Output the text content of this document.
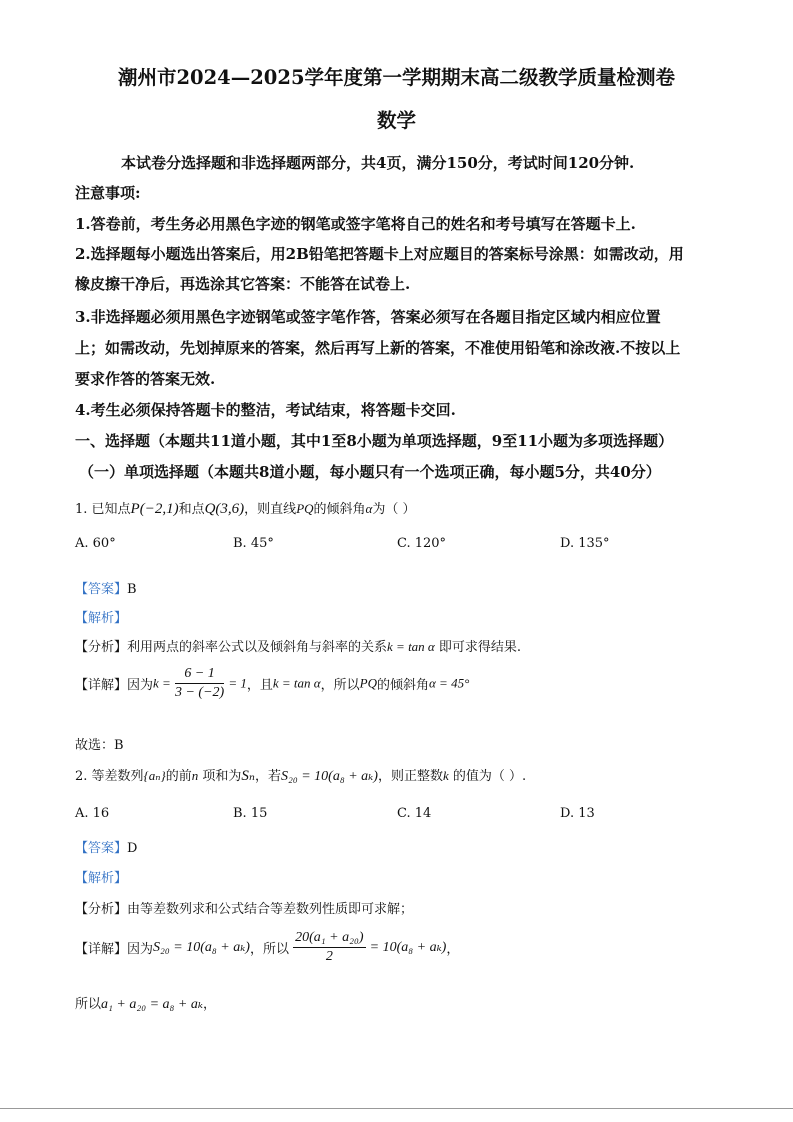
潮州市2024—2025学年度第一学期期末高二级教学质量检测卷
数学
本试卷分选择题和非选择题两部分，共4页，满分150分，考试时间120分钟.
注意事项:
1.答卷前，考生务必用黑色字迹的钢笔或签字笔将自己的姓名和考号填写在答题卡上.
2.选择题每小题选出答案后，用2B铅笔把答题卡上对应题目的答案标号涂黑：如需改动，用
橡皮擦干净后，再选涂其它答案：不能答在试卷上.
3.非选择题必须用黑色字迹钢笔或签字笔作答，答案必须写在各题目指定区域内相应位置
上；如需改动，先划掉原来的答案，然后再写上新的答案，不准使用铅笔和涂改液.不按以上
要求作答的答案无效.
4.考生必须保持答题卡的整洁，考试结束，将答题卡交回.
一、选择题（本题共11道小题，其中1至8小题为单项选择题，9至11小题为多项选择题）
（一）单项选择题（本题共8道小题，每小题只有一个选项正确，每小题5分，共40分）
1. 已知点P(−2,1)和点Q(3,6)，则直线PQ的倾斜角α为（ ）
A. 60°	B. 45°	C. 120°	D. 135°
【答案】B
【解析】
【分析】利用两点的斜率公式以及倾斜角与斜率的关系k = tan α 即可求得结果.
【详解】因为$k = \frac{6 - 1}{3 - (-2)} = 1$，且k = tan α，所以PQ的倾斜角α = 45°
故选：B
2. 等差数列{aₙ}的前n 项和为Sₙ，若S₂₀ = 10(a₈ + aₖ)，则正整数k 的值为（ ）.
A. 16	B. 15	C. 14	D. 13
【答案】D
【解析】
【分析】由等差数列求和公式结合等差数列性质即可求解；
【详解】因为S₂₀ = 10(a₈ + aₖ)，所以 $\frac{\text{20(a₁ + a₂₀)}}{2} = 10(a_8 + a_k)$，
所以a₁ + a₂₀ = a₈ + aₖ，
